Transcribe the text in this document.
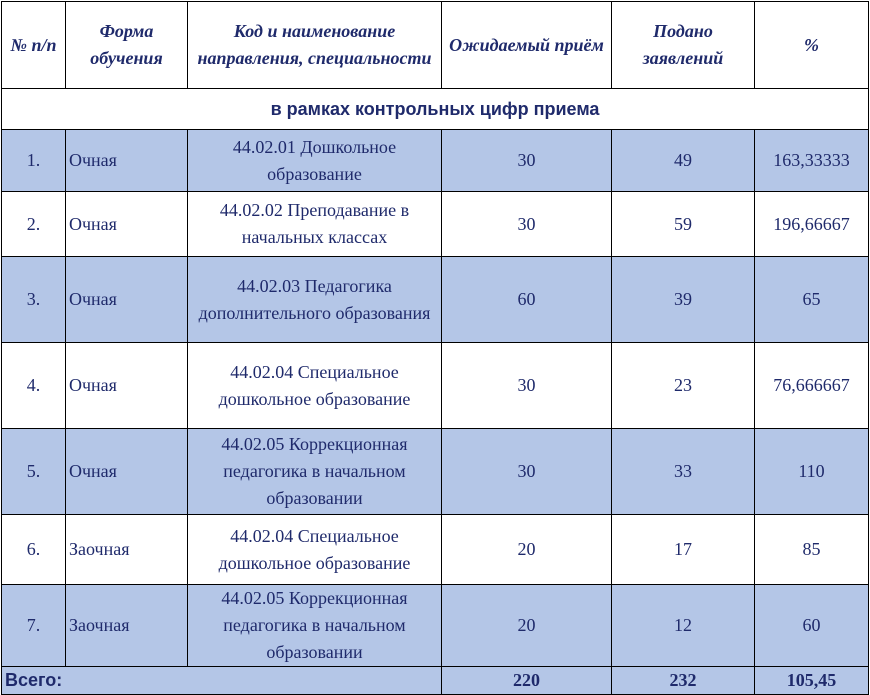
№ п/п	Форма обучения	Код и наименование направления, специальности	Ожидаемый приём	Подано заявлений	%
в рамках контрольных цифр приема					
1.	Очная	44.02.01 Дошкольное образование	30	49	163,33333
2.	Очная	44.02.02 Преподавание в начальных классах	30	59	196,66667
3.	Очная	44.02.03 Педагогика дополнительного образования	60	39	65
4.	Очная	44.02.04 Специальное дошкольное образование	30	23	76,666667
5.	Очная	44.02.05 Коррекционная педагогика в начальном образовании	30	33	110
6.	Заочная	44.02.04 Специальное дошкольное образование	20	17	85
7.	Заочная	44.02.05 Коррекционная педагогика в начальном образовании	20	12	60
Всего:			220	232	105,45
